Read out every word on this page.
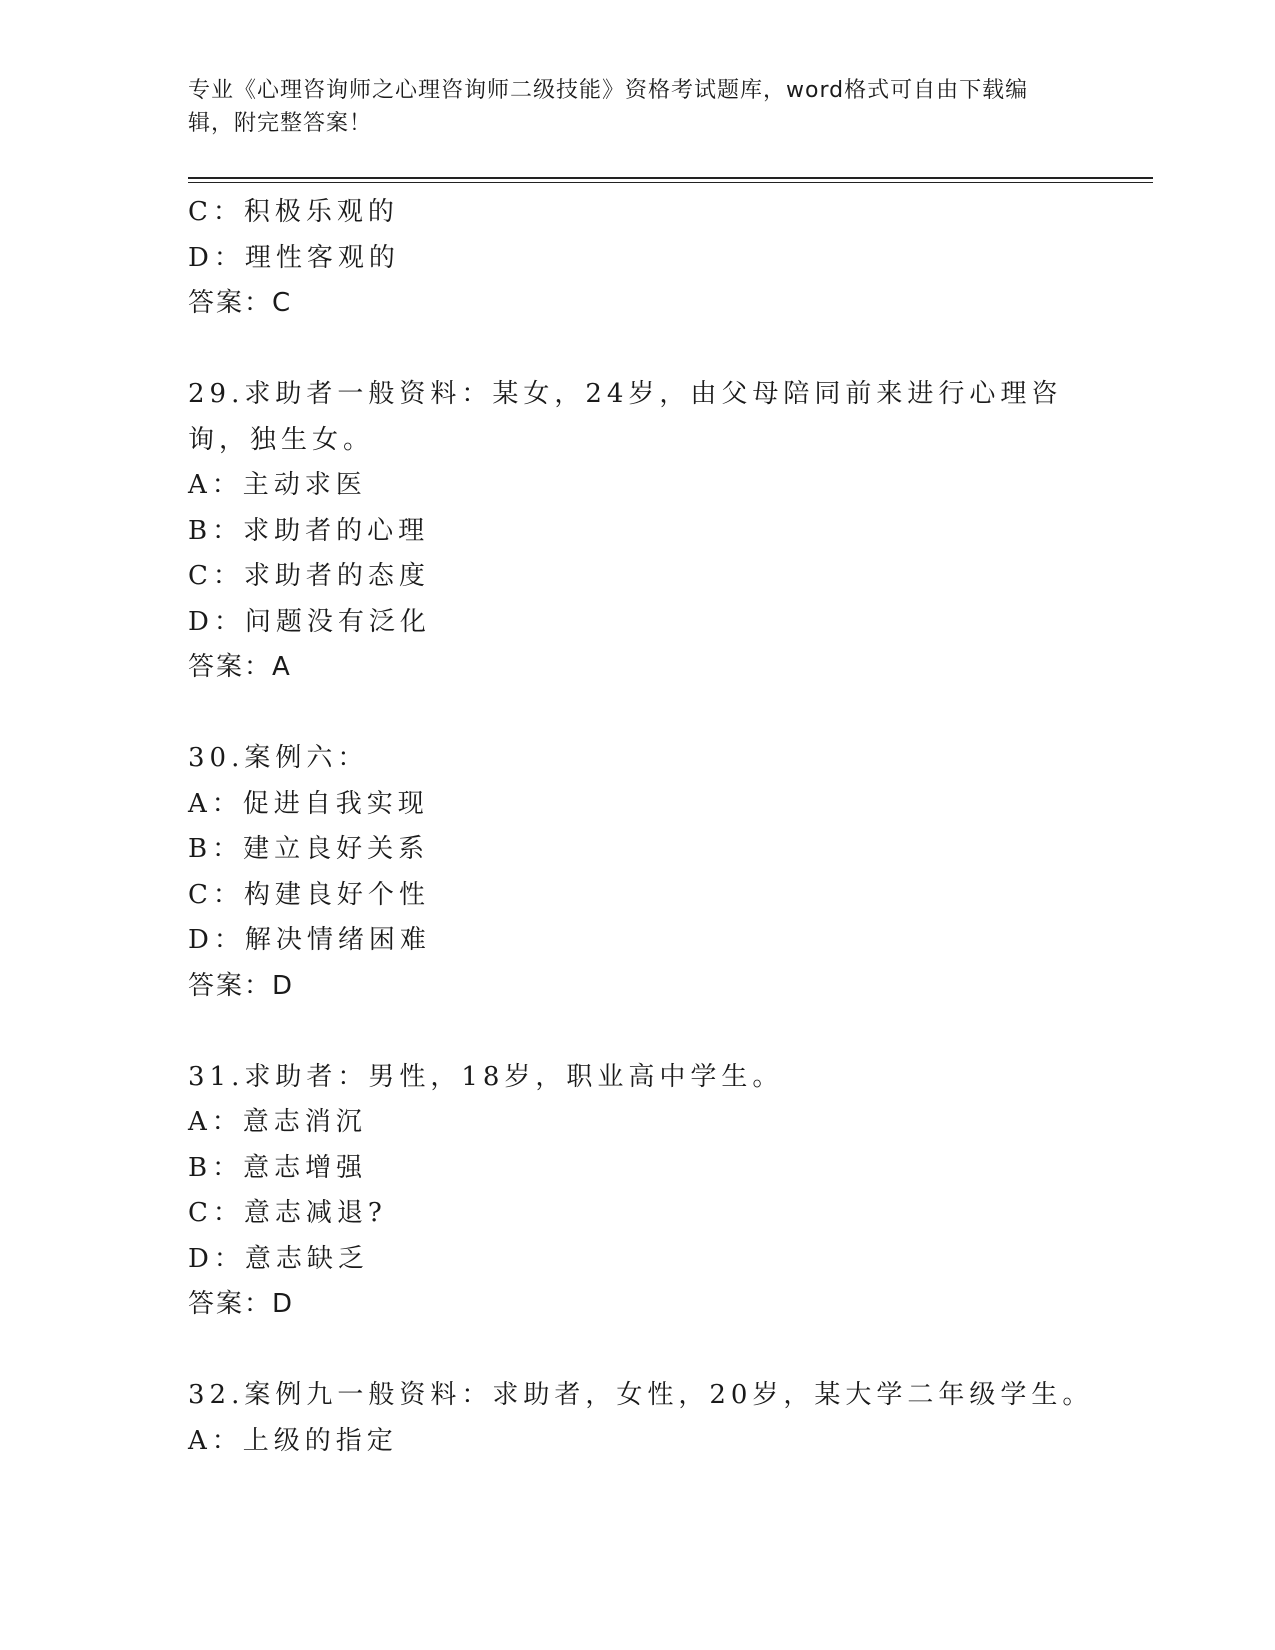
专业《心理咨询师之心理咨询师二级技能》资格考试题库，word格式可自由下载编辑，附完整答案！
C：积极乐观的
D：理性客观的
答案：C
29.求助者一般资料：某女，24岁，由父母陪同前来进行心理咨询，独生女。
A：主动求医
B：求助者的心理
C：求助者的态度
D：问题没有泛化
答案：A
30.案例六：
A：促进自我实现
B：建立良好关系
C：构建良好个性
D：解决情绪困难
答案：D
31.求助者：男性，18岁，职业高中学生。
A：意志消沉
B：意志增强
C：意志减退?
D：意志缺乏
答案：D
32.案例九一般资料：求助者，女性，20岁，某大学二年级学生。
A：上级的指定
